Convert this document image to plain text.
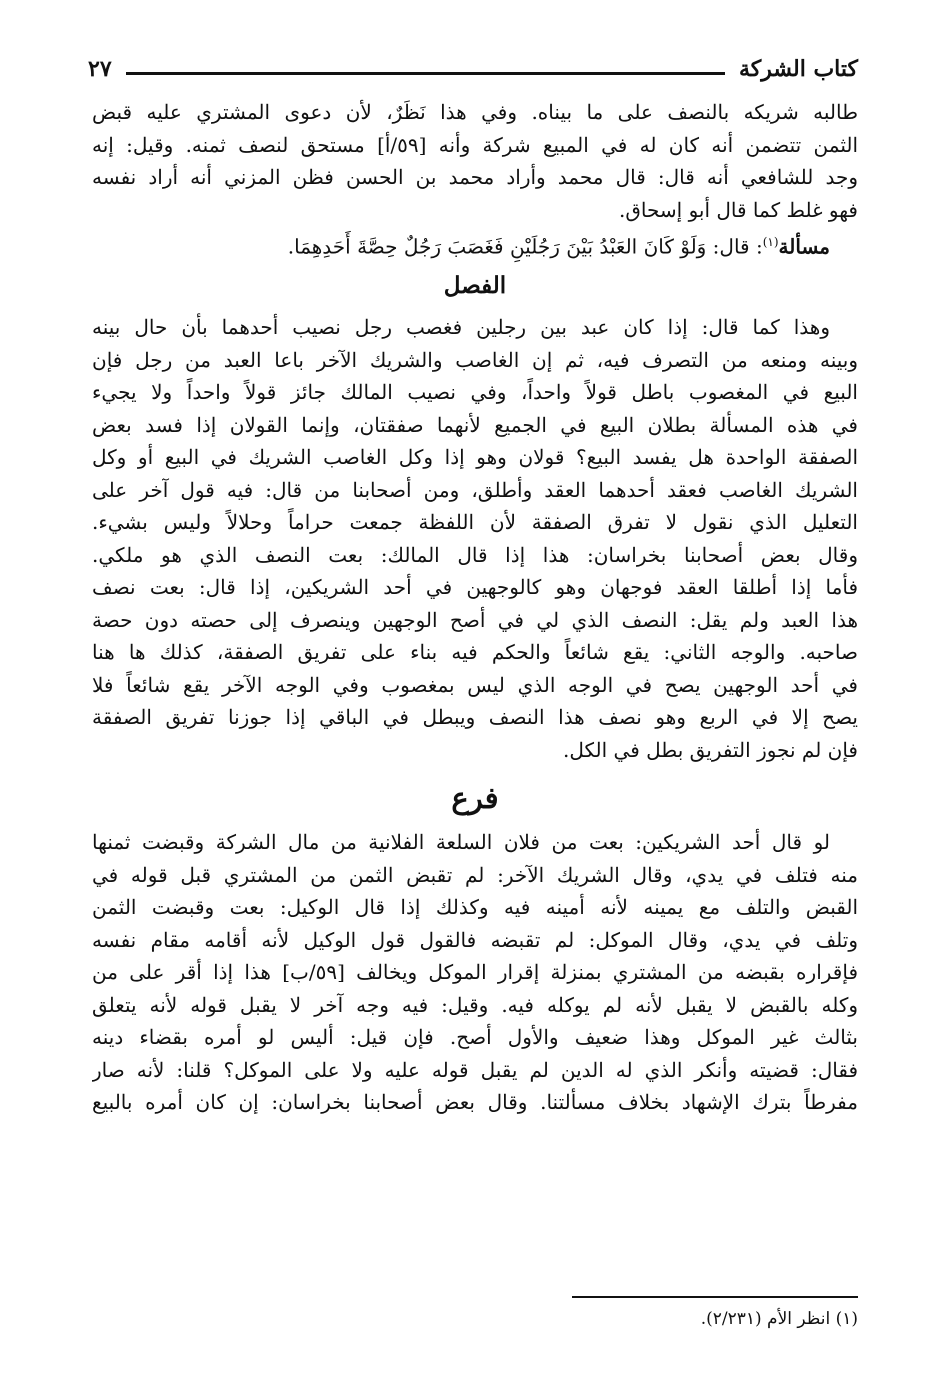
كتاب الشركة
٢٧
طالبه شريكه بالنصف على ما بيناه. وفي هذا نَظَرٌ، لأن دعوى المشتري عليه قبض
الثمن تتضمن أنه كان له في المبيع شركة وأنه [٥٩/أ] مستحق لنصف ثمنه. وقيل: إنه
وجد للشافعي أنه قال: قال محمد وأراد محمد بن الحسن فظن المزني أنه أراد نفسه
فهو غلط كما قال أبو إسحاق.
مسألة$^{(١)}$: قال: وَلَوْ كَانَ العَبْدُ بَيْنَ رَجُلَيْنِ فَغَصَبَ رَجُلٌ حِصَّةَ أَحَدِهِمَا.
الفصل
وهذا كما قال: إذا كان عبد بين رجلين فغصب رجل نصيب أحدهما بأن حال بينه
وبينه ومنعه من التصرف فيه، ثم إن الغاصب والشريك الآخر باعا العبد من رجل فإن
البيع في المغصوب باطل قولاً واحداً، وفي نصيب المالك جائز قولاً واحداً ولا يجيء
في هذه المسألة بطلان البيع في الجميع لأنهما صفقتان، وإنما القولان إذا فسد بعض
الصفقة الواحدة هل يفسد البيع؟ قولان وهو إذا وكل الغاصب الشريك في البيع أو وكل
الشريك الغاصب فعقد أحدهما العقد وأطلق، ومن أصحابنا من قال: فيه قول آخر على
التعليل الذي نقول لا تفرق الصفقة لأن اللفظة جمعت حراماً وحلالاً وليس بشيء.
وقال بعض أصحابنا بخراسان: هذا إذا قال المالك: بعت النصف الذي هو ملكي.
فأما إذا أطلقا العقد فوجهان وهو كالوجهين في أحد الشريكين، إذا قال: بعت نصف
هذا العبد ولم يقل: النصف الذي لي في أصح الوجهين وينصرف إلى حصته دون حصة
صاحبه. والوجه الثاني: يقع شائعاً والحكم فيه بناء على تفريق الصفقة، كذلك ها هنا
في أحد الوجهين يصح في الوجه الذي ليس بمغصوب وفي الوجه الآخر يقع شائعاً فلا
يصح إلا في الربع وهو نصف هذا النصف ويبطل في الباقي إذا جوزنا تفريق الصفقة
فإن لم نجوز التفريق بطل في الكل.
فرع
لو قال أحد الشريكين: بعت من فلان السلعة الفلانية من مال الشركة وقبضت ثمنها
منه فتلف في يدي، وقال الشريك الآخر: لم تقبض الثمن من المشتري قبل قوله في
القبض والتلف مع يمينه لأنه أمينه فيه وكذلك إذا قال الوكيل: بعت وقبضت الثمن
وتلف في يدي، وقال الموكل: لم تقبضه فالقول قول الوكيل لأنه أقامه مقام نفسه
فإقراره بقبضه من المشتري بمنزلة إقرار الموكل ويخالف [٥٩/ب] هذا إذا أقر على من
وكله بالقبض لا يقبل لأنه لم يوكله فيه. وقيل: فيه وجه آخر لا يقبل قوله لأنه يتعلق
بثالث غير الموكل وهذا ضعيف والأول أصح. فإن قيل: أليس لو أمره بقضاء دينه
فقال: قضيته وأنكر الذي له الدين لم يقبل قوله عليه ولا على الموكل؟ قلنا: لأنه صار
مفرطاً بترك الإشهاد بخلاف مسألتنا. وقال بعض أصحابنا بخراسان: إن كان أمره بالبيع
(١) انظر الأم (٢/٢٣١).
